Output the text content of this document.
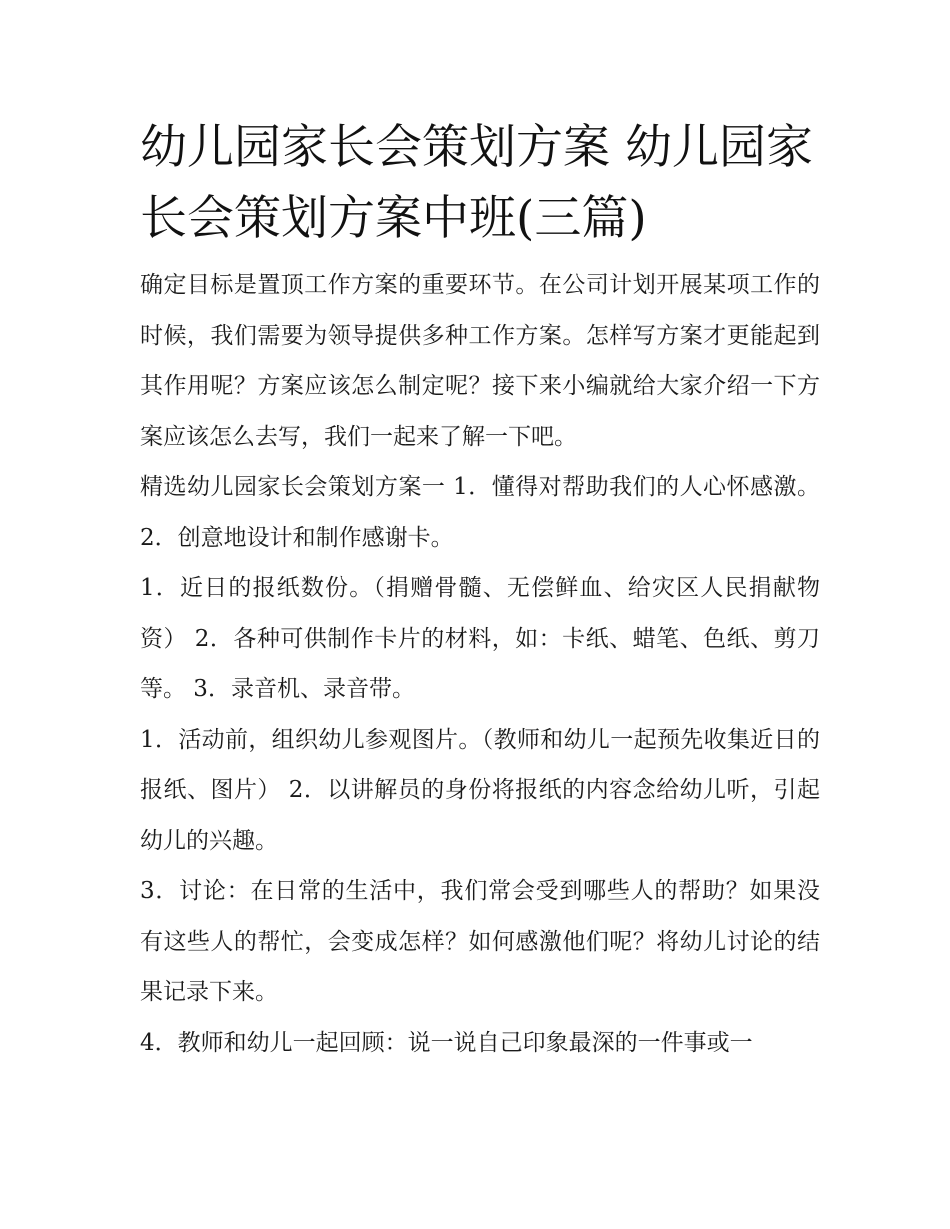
幼儿园家长会策划方案 幼儿园家长会策划方案中班(三篇)

确定目标是置顶工作方案的重要环节。在公司计划开展某项工作的时候，我们需要为领导提供多种工作方案。怎样写方案才更能起到其作用呢？方案应该怎么制定呢？接下来小编就给大家介绍一下方案应该怎么去写，我们一起来了解一下吧。

精选幼儿园家长会策划方案一 1．懂得对帮助我们的人心怀感激。 2．创意地设计和制作感谢卡。

1．近日的报纸数份。（捐赠骨髓、无偿鲜血、给灾区人民捐献物资） 2．各种可供制作卡片的材料，如：卡纸、蜡笔、色纸、剪刀等。 3．录音机、录音带。

1．活动前，组织幼儿参观图片。（教师和幼儿一起预先收集近日的报纸、图片） 2．以讲解员的身份将报纸的内容念给幼儿听，引起幼儿的兴趣。

3．讨论：在日常的生活中，我们常会受到哪些人的帮助？如果没有这些人的帮忙，会变成怎样？如何感激他们呢？将幼儿讨论的结果记录下来。

4．教师和幼儿一起回顾：说一说自己印象最深的一件事或一
